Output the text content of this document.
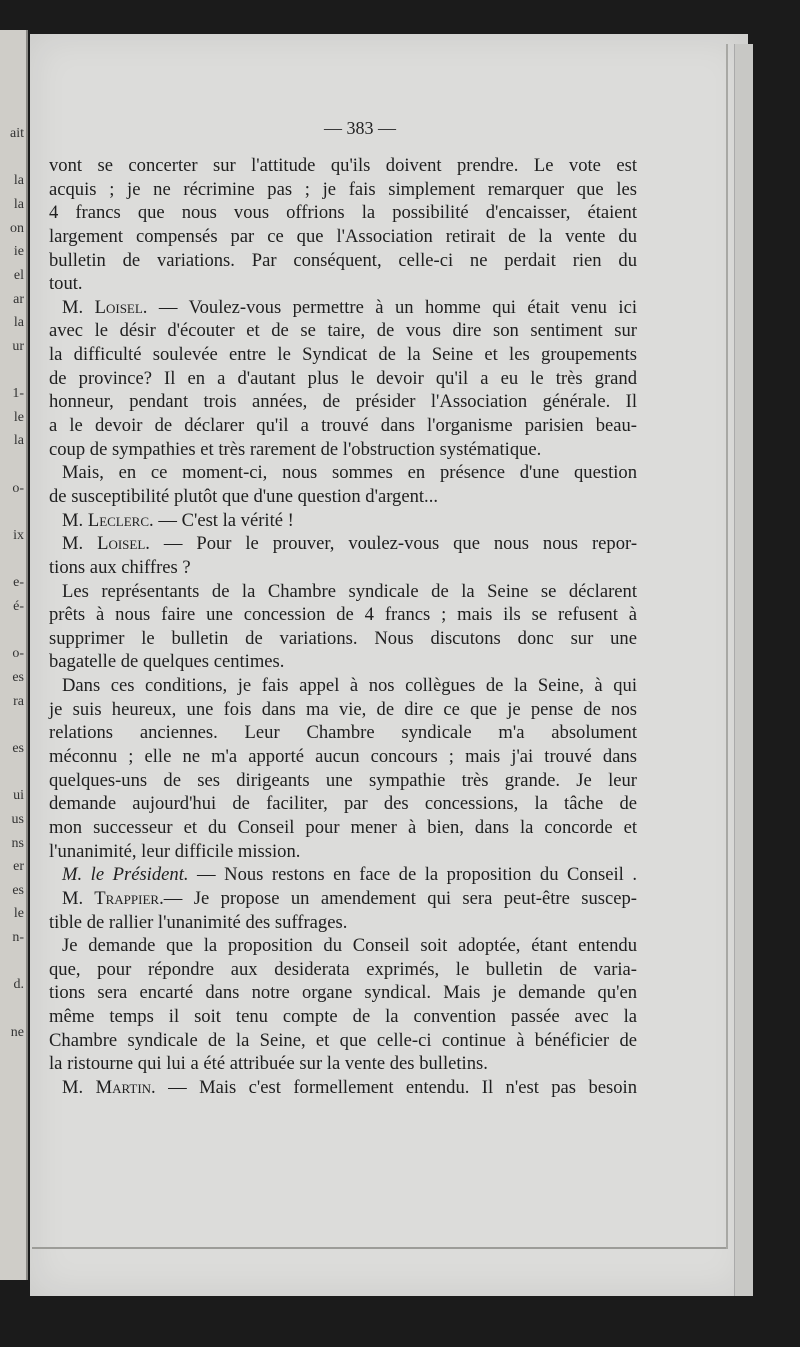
ait
la
la
on
ie
el
ar
la
ur
1-
le
la
o-
ix
e-
é-
o-
es
ra
es
ui
us
ns
er
es
le
n-
d.
ne
— 383 —
vont se concerter sur l'attitude qu'ils doivent prendre. Le vote est
acquis ; je ne récrimine pas ; je fais simplement remarquer que les
4 francs que nous vous offrions la possibilité d'encaisser, étaient
largement compensés par ce que l'Association retirait de la vente du
bulletin de variations. Par conséquent, celle-ci ne perdait rien du
tout.
M. Loisel. — Voulez-vous permettre à un homme qui était venu ici
avec le désir d'écouter et de se taire, de vous dire son sentiment sur
la difficulté soulevée entre le Syndicat de la Seine et les groupements
de province? Il en a d'autant plus le devoir qu'il a eu le très grand
honneur, pendant trois années, de présider l'Association générale. Il
a le devoir de déclarer qu'il a trouvé dans l'organisme parisien beau-
coup de sympathies et très rarement de l'obstruction systématique.
Mais, en ce moment-ci, nous sommes en présence d'une question
de susceptibilité plutôt que d'une question d'argent...
M. Leclerc. — C'est la vérité !
M. Loisel. — Pour le prouver, voulez-vous que nous nous repor-
tions aux chiffres ?
Les représentants de la Chambre syndicale de la Seine se déclarent
prêts à nous faire une concession de 4 francs ; mais ils se refusent à
supprimer le bulletin de variations. Nous discutons donc sur une
bagatelle de quelques centimes.
Dans ces conditions, je fais appel à nos collègues de la Seine, à qui
je suis heureux, une fois dans ma vie, de dire ce que je pense de nos
relations anciennes. Leur Chambre syndicale m'a absolument
méconnu ; elle ne m'a apporté aucun concours ; mais j'ai trouvé dans
quelques-uns de ses dirigeants une sympathie très grande. Je leur
demande aujourd'hui de faciliter, par des concessions, la tâche de
mon successeur et du Conseil pour mener à bien, dans la concorde et
l'unanimité, leur difficile mission.
M. le Président. — Nous restons en face de la proposition du Conseil .
M. Trappier.— Je propose un amendement qui sera peut-être suscep-
tible de rallier l'unanimité des suffrages.
Je demande que la proposition du Conseil soit adoptée, étant entendu
que, pour répondre aux desiderata exprimés, le bulletin de varia-
tions sera encarté dans notre organe syndical. Mais je demande qu'en
même temps il soit tenu compte de la convention passée avec la
Chambre syndicale de la Seine, et que celle-ci continue à bénéficier de
la ristourne qui lui a été attribuée sur la vente des bulletins.
M. Martin. — Mais c'est formellement entendu. Il n'est pas besoin
